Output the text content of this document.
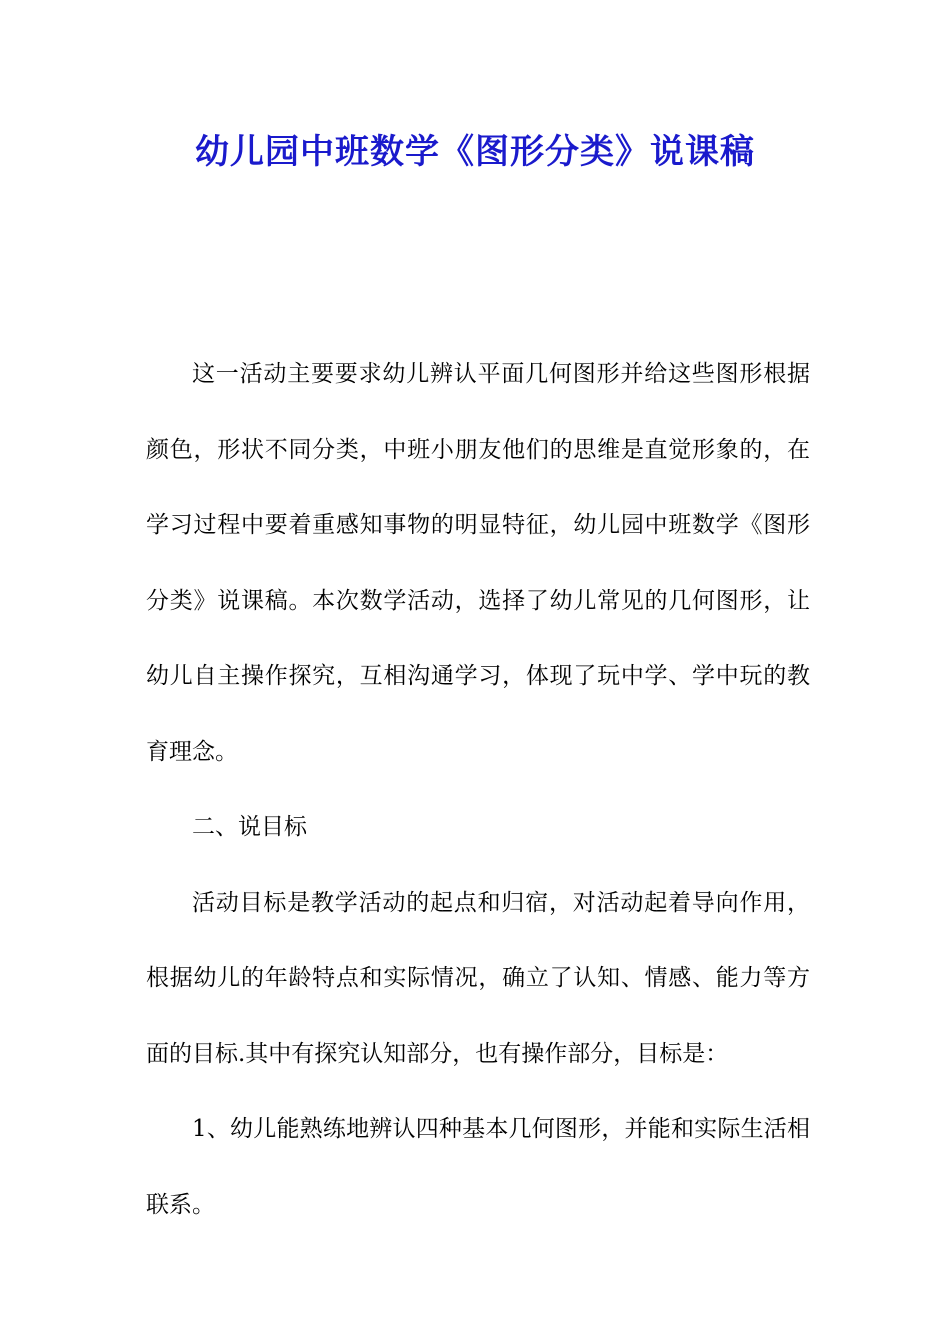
幼儿园中班数学《图形分类》说课稿

这一活动主要要求幼儿辨认平面几何图形并给这些图形根据颜色，形状不同分类，中班小朋友他们的思维是直觉形象的，在学习过程中要着重感知事物的明显特征，幼儿园中班数学《图形分类》说课稿。本次数学活动，选择了幼儿常见的几何图形，让幼儿自主操作探究，互相沟通学习，体现了玩中学、学中玩的教育理念。

二、说目标

活动目标是教学活动的起点和归宿，对活动起着导向作用，根据幼儿的年龄特点和实际情况，确立了认知、情感、能力等方面的目标.其中有探究认知部分，也有操作部分，目标是：

1、幼儿能熟练地辨认四种基本几何图形，并能和实际生活相联系。
